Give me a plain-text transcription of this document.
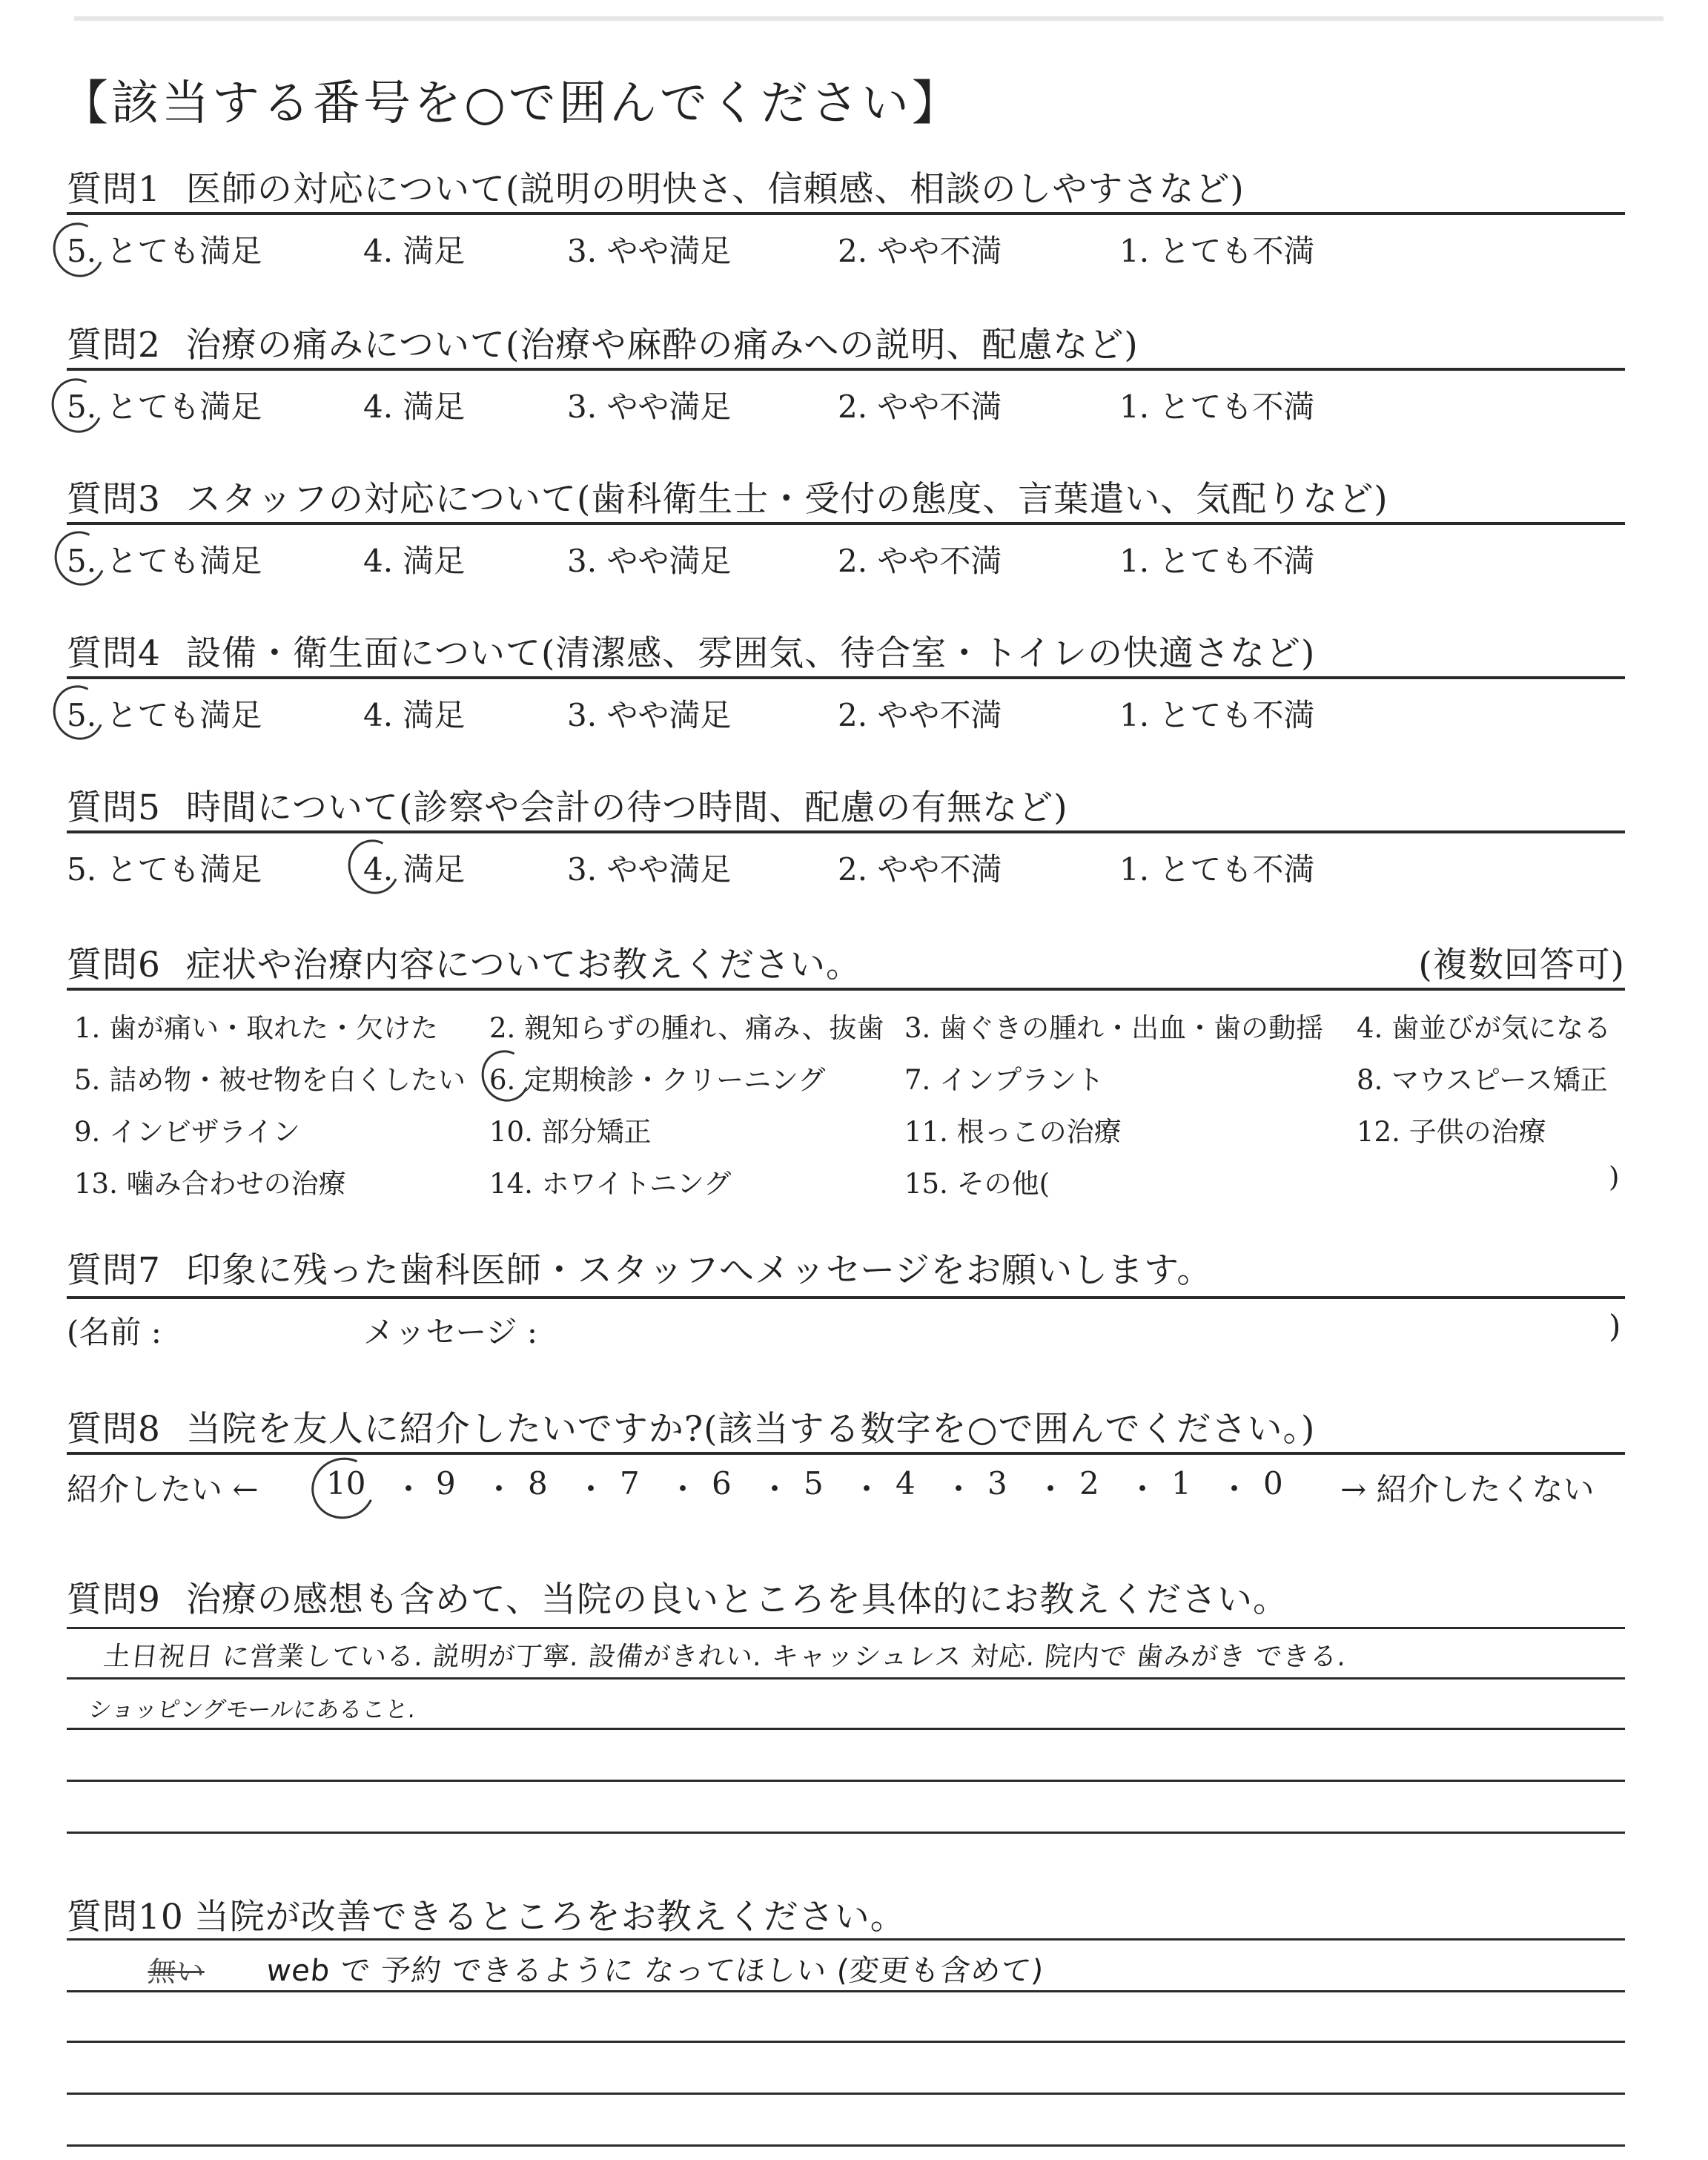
【該当する番号を○で囲んでください】
質問1 医師の対応について(説明の明快さ、信頼感、相談のしやすさなど)
5. とても満足	4. 満足	3. やや満足	2. やや不満	1. とても不満
質問2 治療の痛みについて(治療や麻酔の痛みへの説明、配慮など)
5. とても満足	4. 満足	3. やや満足	2. やや不満	1. とても不満
質問3 スタッフの対応について(歯科衛生士・受付の態度、言葉遣い、気配りなど)
5. とても満足	4. 満足	3. やや満足	2. やや不満	1. とても不満
質問4 設備・衛生面について(清潔感、雰囲気、待合室・トイレの快適さなど)
5. とても満足	4. 満足	3. やや満足	2. やや不満	1. とても不満
質問5 時間について(診察や会計の待つ時間、配慮の有無など)
5. とても満足	4. 満足	3. やや満足	2. やや不満	1. とても不満
質問6 症状や治療内容についてお教えください。	(複数回答可)
1. 歯が痛い・取れた・欠けた 2. 親知らずの腫れ、痛み、抜歯 3. 歯ぐきの腫れ・出血・歯の動揺 4. 歯並びが気になる
5. 詰め物・被せ物を白くしたい 6. 定期検診・クリーニング	7. インプラント	8. マウスピース矯正
9. インビザライン	10. 部分矯正	11. 根っこの治療	12. 子供の治療
13. 噛み合わせの治療	14. ホワイトニング	15. その他(	)
質問7 印象に残った歯科医師・スタッフへメッセージをお願いします。
(名前 :	メッセージ :	)
質問8 当院を友人に紹介したいですか?(該当する数字を○で囲んでください。)
紹介したい ← 10 ・ 9 ・ 8 ・ 7 ・ 6 ・ 5 ・ 4 ・ 3 ・ 2 ・ 1 ・ 0 → 紹介したくない
質問9 治療の感想も含めて、当院の良いところを具体的にお教えください。
土日祝日 に営業している. 説明が丁寧. 設備がきれい. キャッシュレス 対応. 院内で 歯みがき できる.
ショッピングモールにあること.
質問10 当院が改善できるところをお教えください。
無い web で 予約 できるように なってほしい (変更も含めて)
